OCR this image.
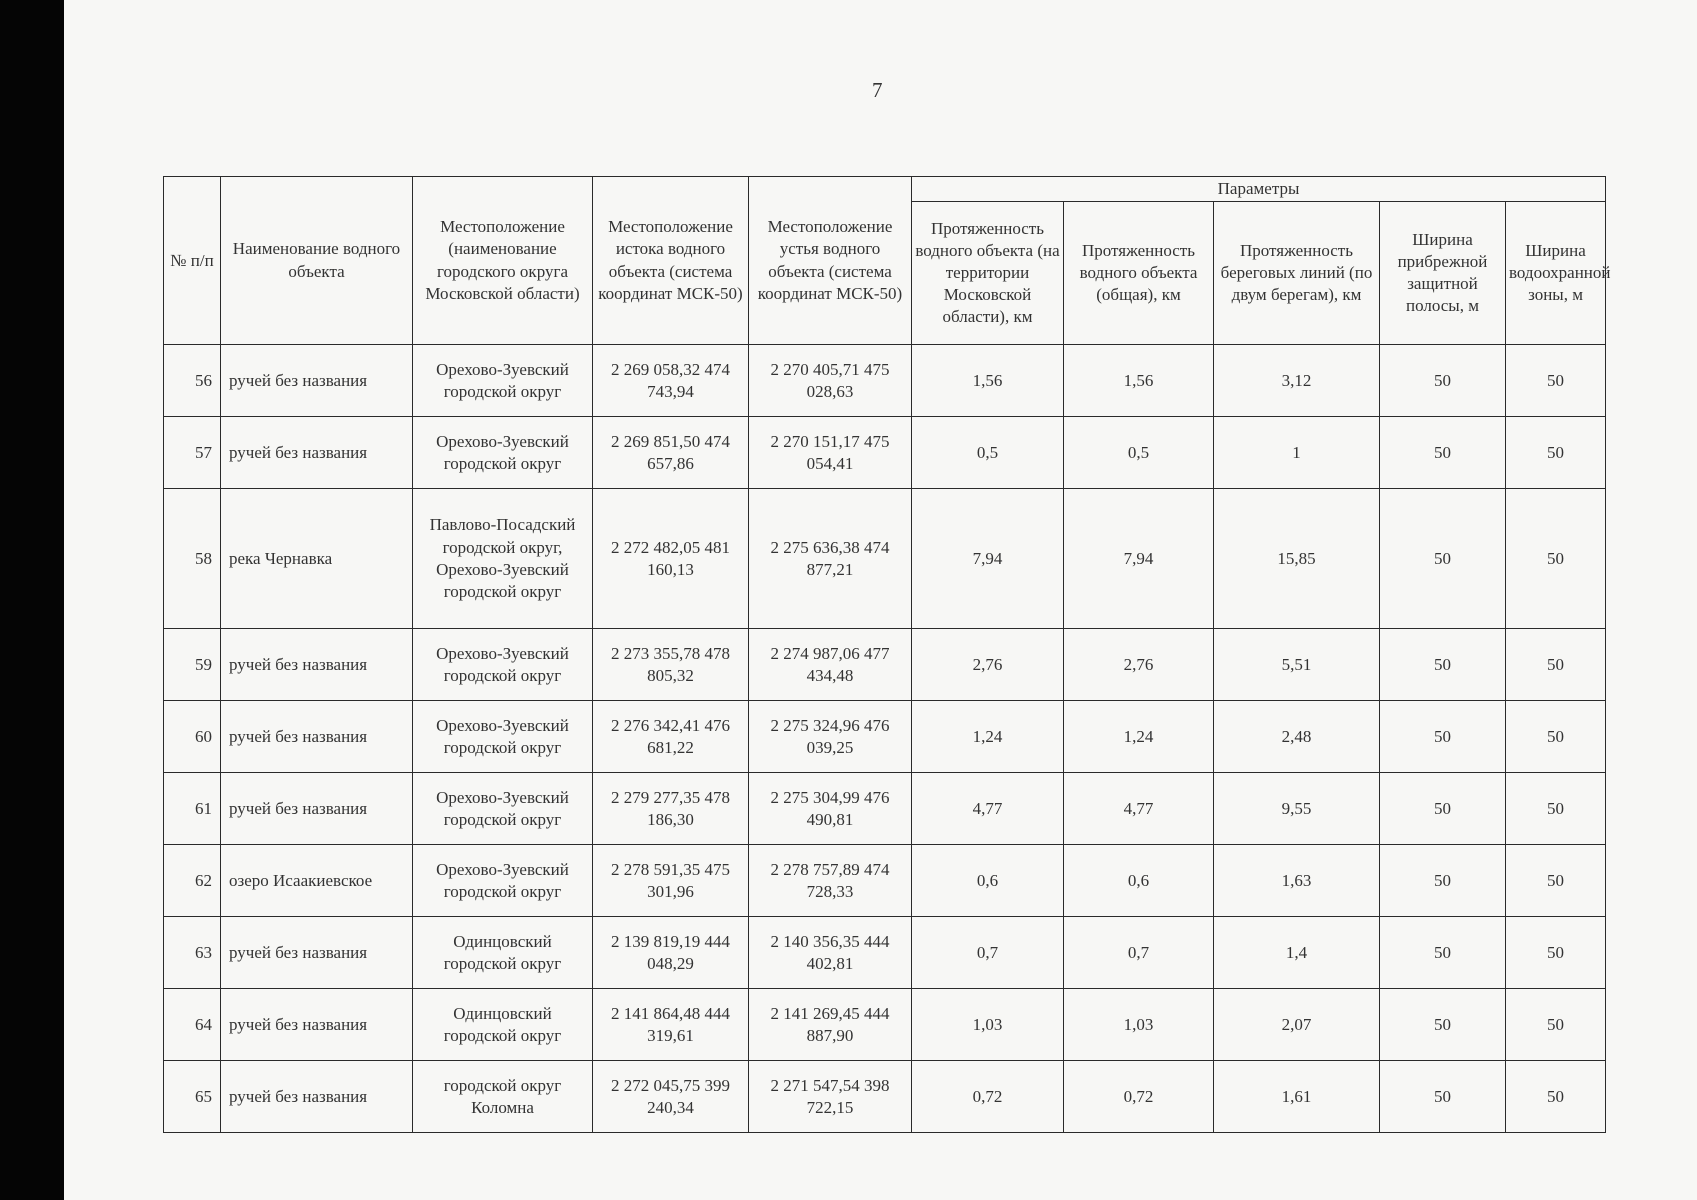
7
№ п/п	Наименование водного объекта	Местоположение (наименование городского округа Московской области)	Местоположение истока водного объекта (система координат МСК-50)	Местоположение устья водного объекта (система координат МСК-50)	Параметры				
					Протяженность водного объекта (на территории Московской области), км	Протяженность водного объекта (общая), км	Протяженность береговых линий (по двум берегам), км	Ширина прибрежной защитной полосы, м	Ширина водоохранной зоны, м
56	ручей без названия	Орехово-Зуевский городской округ	2 269 058,32 474 743,94	2 270 405,71 475 028,63	1,56	1,56	3,12	50	50
57	ручей без названия	Орехово-Зуевский городской округ	2 269 851,50 474 657,86	2 270 151,17 475 054,41	0,5	0,5	1	50	50
58	река Чернавка	Павлово-Посадский городской округ, Орехово-Зуевский городской округ	2 272 482,05 481 160,13	2 275 636,38 474 877,21	7,94	7,94	15,85	50	50
59	ручей без названия	Орехово-Зуевский городской округ	2 273 355,78 478 805,32	2 274 987,06 477 434,48	2,76	2,76	5,51	50	50
60	ручей без названия	Орехово-Зуевский городской округ	2 276 342,41 476 681,22	2 275 324,96 476 039,25	1,24	1,24	2,48	50	50
61	ручей без названия	Орехово-Зуевский городской округ	2 279 277,35 478 186,30	2 275 304,99 476 490,81	4,77	4,77	9,55	50	50
62	озеро Исаакиевское	Орехово-Зуевский городской округ	2 278 591,35 475 301,96	2 278 757,89 474 728,33	0,6	0,6	1,63	50	50
63	ручей без названия	Одинцовский городской округ	2 139 819,19 444 048,29	2 140 356,35 444 402,81	0,7	0,7	1,4	50	50
64	ручей без названия	Одинцовский городской округ	2 141 864,48 444 319,61	2 141 269,45 444 887,90	1,03	1,03	2,07	50	50
65	ручей без названия	городской округ Коломна	2 272 045,75 399 240,34	2 271 547,54 398 722,15	0,72	0,72	1,61	50	50
